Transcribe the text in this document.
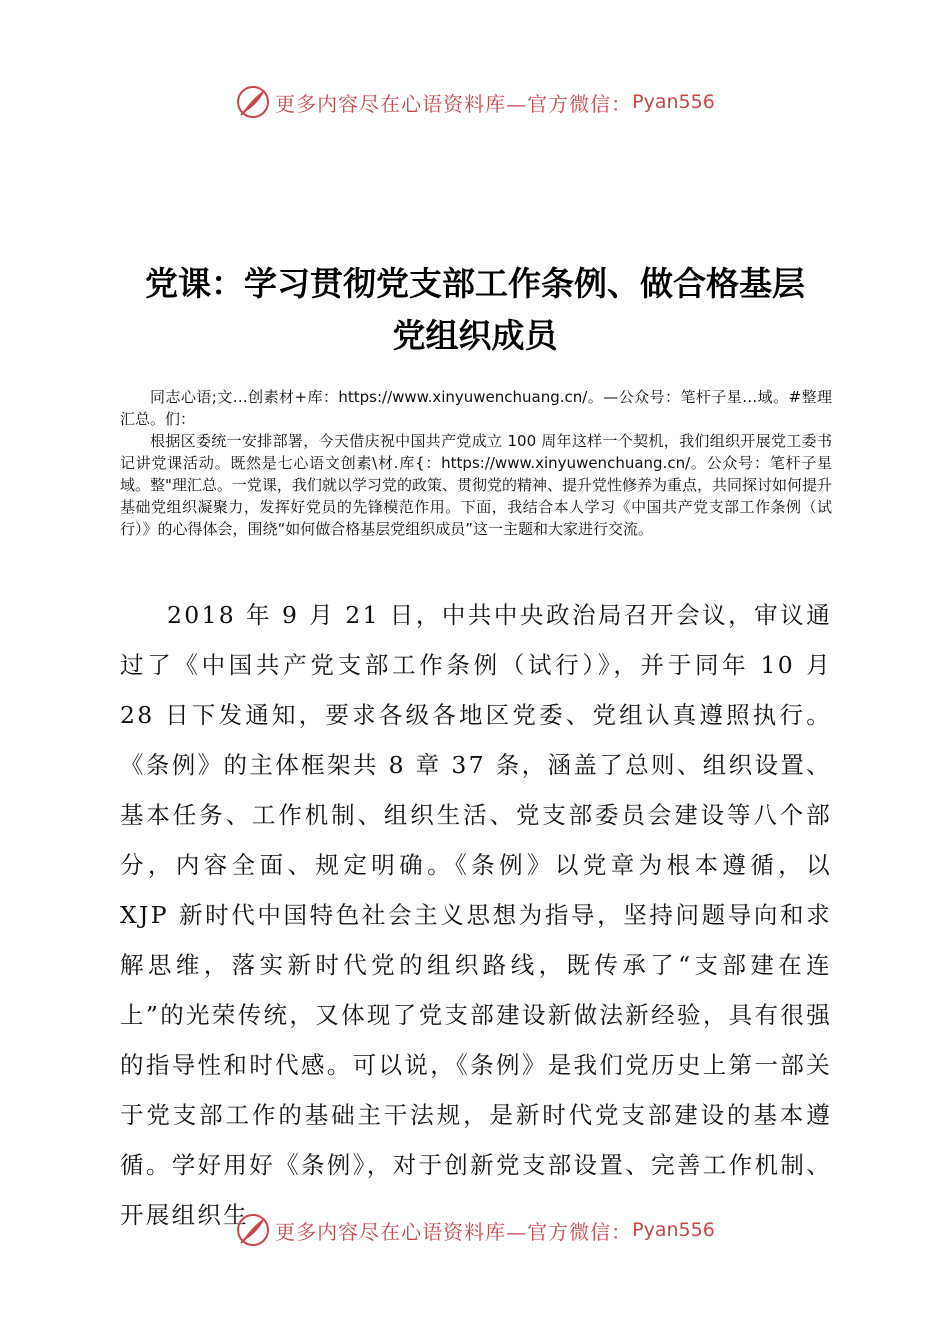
更多内容尽在心语资料库—官方微信： Pyan556
党课：学习贯彻党支部工作条例、做合格基层
党组织成员

同志心语;文…创素材+库：https://www.xinyuwenchuang.cn/。—公众号：笔杆子星…域。#整理汇总。们：

根据区委统一安排部署，今天借庆祝中国共产党成立 100 周年这样一个契机，我们组织开展党工委书记讲党课活动。既然是七心语文创素\材.库{：https://www.xinyuwenchuang.cn/。公众号：笔杆子星域。整"理汇总。一党课，我们就以学习党的政策、贯彻党的精神、提升党性修养为重点，共同探讨如何提升基础党组织凝聚力，发挥好党员的先锋模范作用。下面，我结合本人学习《中国共产党支部工作条例（试行）》的心得体会，围绕“如何做合格基层党组织成员”这一主题和大家进行交流。

2018 年 9 月 21 日，中共中央政治局召开会议，审议通过了《中国共产党支部工作条例（试行）》，并于同年 10 月 28 日下发通知，要求各级各地区党委、党组认真遵照执行。《条例》的主体框架共 8 章 37 条，涵盖了总则、组织设置、基本任务、工作机制、组织生活、党支部委员会建设等八个部分，内容全面、规定明确。《条例》以党章为根本遵循，以 XJP 新时代中国特色社会主义思想为指导，坚持问题导向和求解思维，落实新时代党的组织路线，既传承了“支部建在连上”的光荣传统，又体现了党支部建设新做法新经验，具有很强的指导性和时代感。可以说，《条例》是我们党历史上第一部关于党支部工作的基础主干法规，是新时代党支部建设的基本遵循。学好用好《条例》，对于创新党支部设置、完善工作机制、开展组织生

更多内容尽在心语资料库—官方微信： Pyan556
